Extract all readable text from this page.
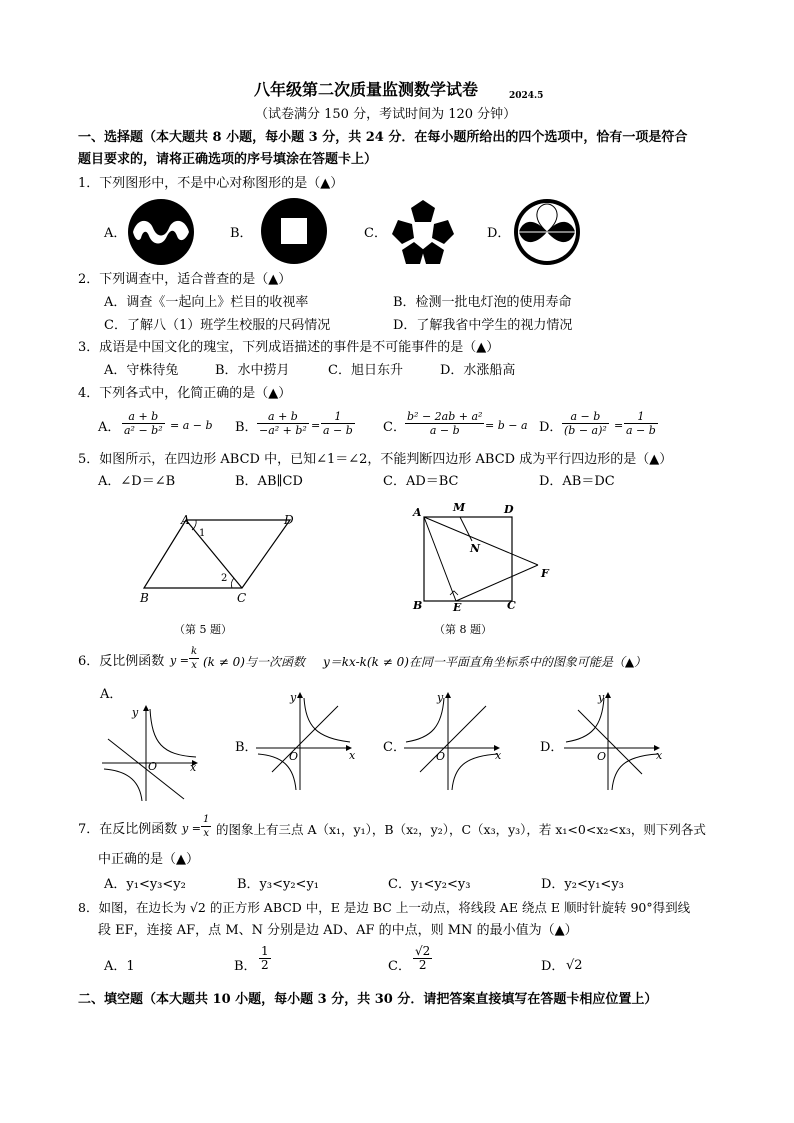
八年级第二次质量监测数学试卷	2024.5
（试卷满分 150 分，考试时间为 120 分钟）
一、选择题（本大题共 8 小题，每小题 3 分，共 24 分．在每小题所给出的四个选项中，恰有一项是符合
题目要求的，请将正确选项的序号填涂在答题卡上）
1．下列图形中，不是中心对称图形的是（▲）
A．	B．	C．	D．
2．下列调查中，适合普查的是（▲）
A．调查《一起向上》栏目的收视率	B．检测一批电灯泡的使用寿命
C．了解八（1）班学生校服的尺码情况	D．了解我省中学生的视力情况
3．成语是中国文化的瑰宝，下列成语描述的事件是不可能事件的是（▲）
A．守株待兔	B．水中捞月	C．旭日东升	D．水涨船高
4．下列各式中，化简正确的是（▲）
A． $\frac{a + b}{\text{a² − b²}} = a - b$ B． $\frac{a + b}{\text{−a² + b²}} = \frac{1}{a - b}$ C． $\frac{\text{b² − 2ab + a²}}{a - b} = b - a$ D． $\frac{a - b}{\text{(b − a)²}} = \frac{1}{a - b}$
5．如图所示，在四边形 ABCD 中，已知∠1＝∠2，不能判断四边形 ABCD 成为平行四边形的是（▲）
A．∠D＝∠B	B．AB∥CD	C．AD＝BC	D．AB＝DC
A	D
B	C
1
2
（第 5 题）
A	M	D
N
F
B	E	C
（第 8 题）
6．反比例函数 $y = \frac{k}{x} (k \ne 0)$与一次函数 y＝kx-k(k ≠ 0)在同一平面直角坐标系中的图象可能是（▲）
A．
B．	C．	D．
y
x
O
y
x
O
y
x
O
y
x
O
7．在反比例函数 $y = \frac{1}{x}$ 的图象上有三点 A（x₁，y₁），B（x₂，y₂），C（x₃，y₃），若 x₁<0<x₂<x₃，则下列各式
中正确的是（▲）
A．y₁<y₃<y₂	B．y₃<y₂<y₁	C．y₁<y₂<y₃	D．y₂<y₁<y₃
8．如图，在边长为 √2 的正方形 ABCD 中，E 是边 BC 上一动点，将线段 AE 绕点 E 顺时针旋转 90°得到线
段 EF，连接 AF，点 M、N 分别是边 AD、AF 的中点，则 MN 的最小值为（▲）
A．1	B． $\frac{1}{2}$	C． $\frac{√2}{2}$	D． √2
二、填空题（本大题共 10 小题，每小题 3 分，共 30 分．请把答案直接填写在答题卡相应位置上）
